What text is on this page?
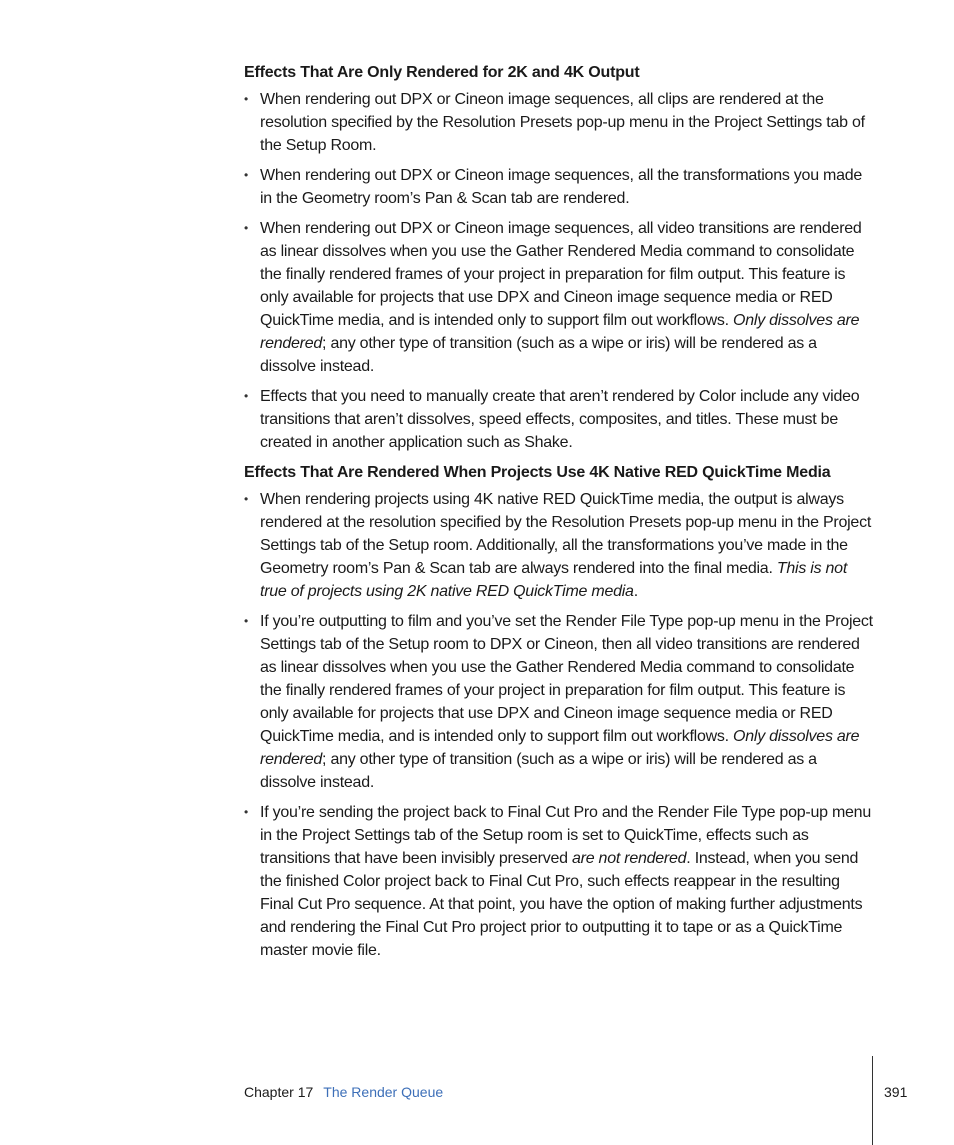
Effects That Are Only Rendered for 2K and 4K Output
• When rendering out DPX or Cineon image sequences, all clips are rendered at the resolution specified by the Resolution Presets pop-up menu in the Project Settings tab of the Setup Room.
• When rendering out DPX or Cineon image sequences, all the transformations you made in the Geometry room’s Pan & Scan tab are rendered.
• When rendering out DPX or Cineon image sequences, all video transitions are rendered as linear dissolves when you use the Gather Rendered Media command to consolidate the finally rendered frames of your project in preparation for film output. This feature is only available for projects that use DPX and Cineon image sequence media or RED QuickTime media, and is intended only to support film out workflows. Only dissolves are rendered; any other type of transition (such as a wipe or iris) will be rendered as a dissolve instead.
• Effects that you need to manually create that aren’t rendered by Color include any video transitions that aren’t dissolves, speed effects, composites, and titles. These must be created in another application such as Shake.
Effects That Are Rendered When Projects Use 4K Native RED QuickTime Media
• When rendering projects using 4K native RED QuickTime media, the output is always rendered at the resolution specified by the Resolution Presets pop-up menu in the Project Settings tab of the Setup room. Additionally, all the transformations you’ve made in the Geometry room’s Pan & Scan tab are always rendered into the final media. This is not true of projects using 2K native RED QuickTime media.
• If you’re outputting to film and you’ve set the Render File Type pop-up menu in the Project Settings tab of the Setup room to DPX or Cineon, then all video transitions are rendered as linear dissolves when you use the Gather Rendered Media command to consolidate the finally rendered frames of your project in preparation for film output. This feature is only available for projects that use DPX and Cineon image sequence media or RED QuickTime media, and is intended only to support film out workflows. Only dissolves are rendered; any other type of transition (such as a wipe or iris) will be rendered as a dissolve instead.
• If you’re sending the project back to Final Cut Pro and the Render File Type pop-up menu in the Project Settings tab of the Setup room is set to QuickTime, effects such as transitions that have been invisibly preserved are not rendered. Instead, when you send the finished Color project back to Final Cut Pro, such effects reappear in the resulting Final Cut Pro sequence. At that point, you have the option of making further adjustments and rendering the Final Cut Pro project prior to outputting it to tape or as a QuickTime master movie file.
Chapter 17 The Render Queue	391
